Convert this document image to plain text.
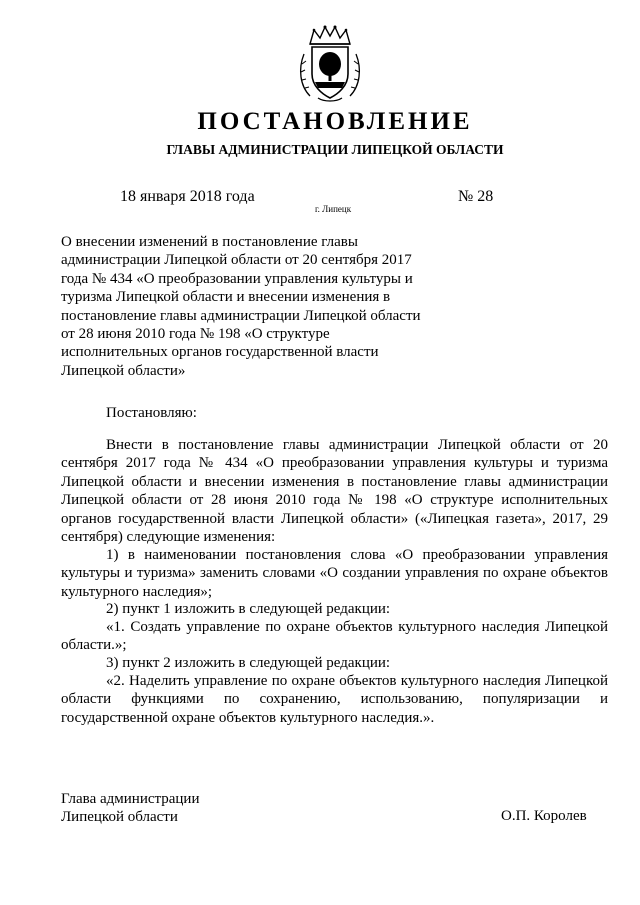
ПОСТАНОВЛЕНИЕ
ГЛАВЫ АДМИНИСТРАЦИИ ЛИПЕЦКОЙ ОБЛАСТИ
18 января 2018 года
г. Липецк
№ 28
О внесении изменений в постановление главы
администрации Липецкой области от 20 сентября 2017
года № 434 «О преобразовании управления культуры и
туризма Липецкой области и внесении изменения в
постановление главы администрации Липецкой области
от 28 июня 2010 года № 198 «О структуре
исполнительных органов государственной власти
Липецкой области»
Постановляю:
Внести в постановление главы администрации Липецкой области от 20 сентября 2017 года № 434 «О преобразовании управления культуры и туризма Липецкой области и внесении изменения в постановление главы администрации Липецкой области от 28 июня 2010 года № 198 «О структуре исполнительных органов государственной власти Липецкой области» («Липецкая газета», 2017, 29 сентября) следующие изменения:
1) в наименовании постановления слова «О преобразовании управления культуры и туризма» заменить словами «О создании управления по охране объектов культурного наследия»;
2) пункт 1 изложить в следующей редакции:
«1. Создать управление по охране объектов культурного наследия Липецкой области.»;
3) пункт 2 изложить в следующей редакции:
«2. Наделить управление по охране объектов культурного наследия Липецкой области функциями по сохранению, использованию, популяризации и государственной охране объектов культурного наследия.».
Глава администрации
Липецкой области	О.П. Королев
